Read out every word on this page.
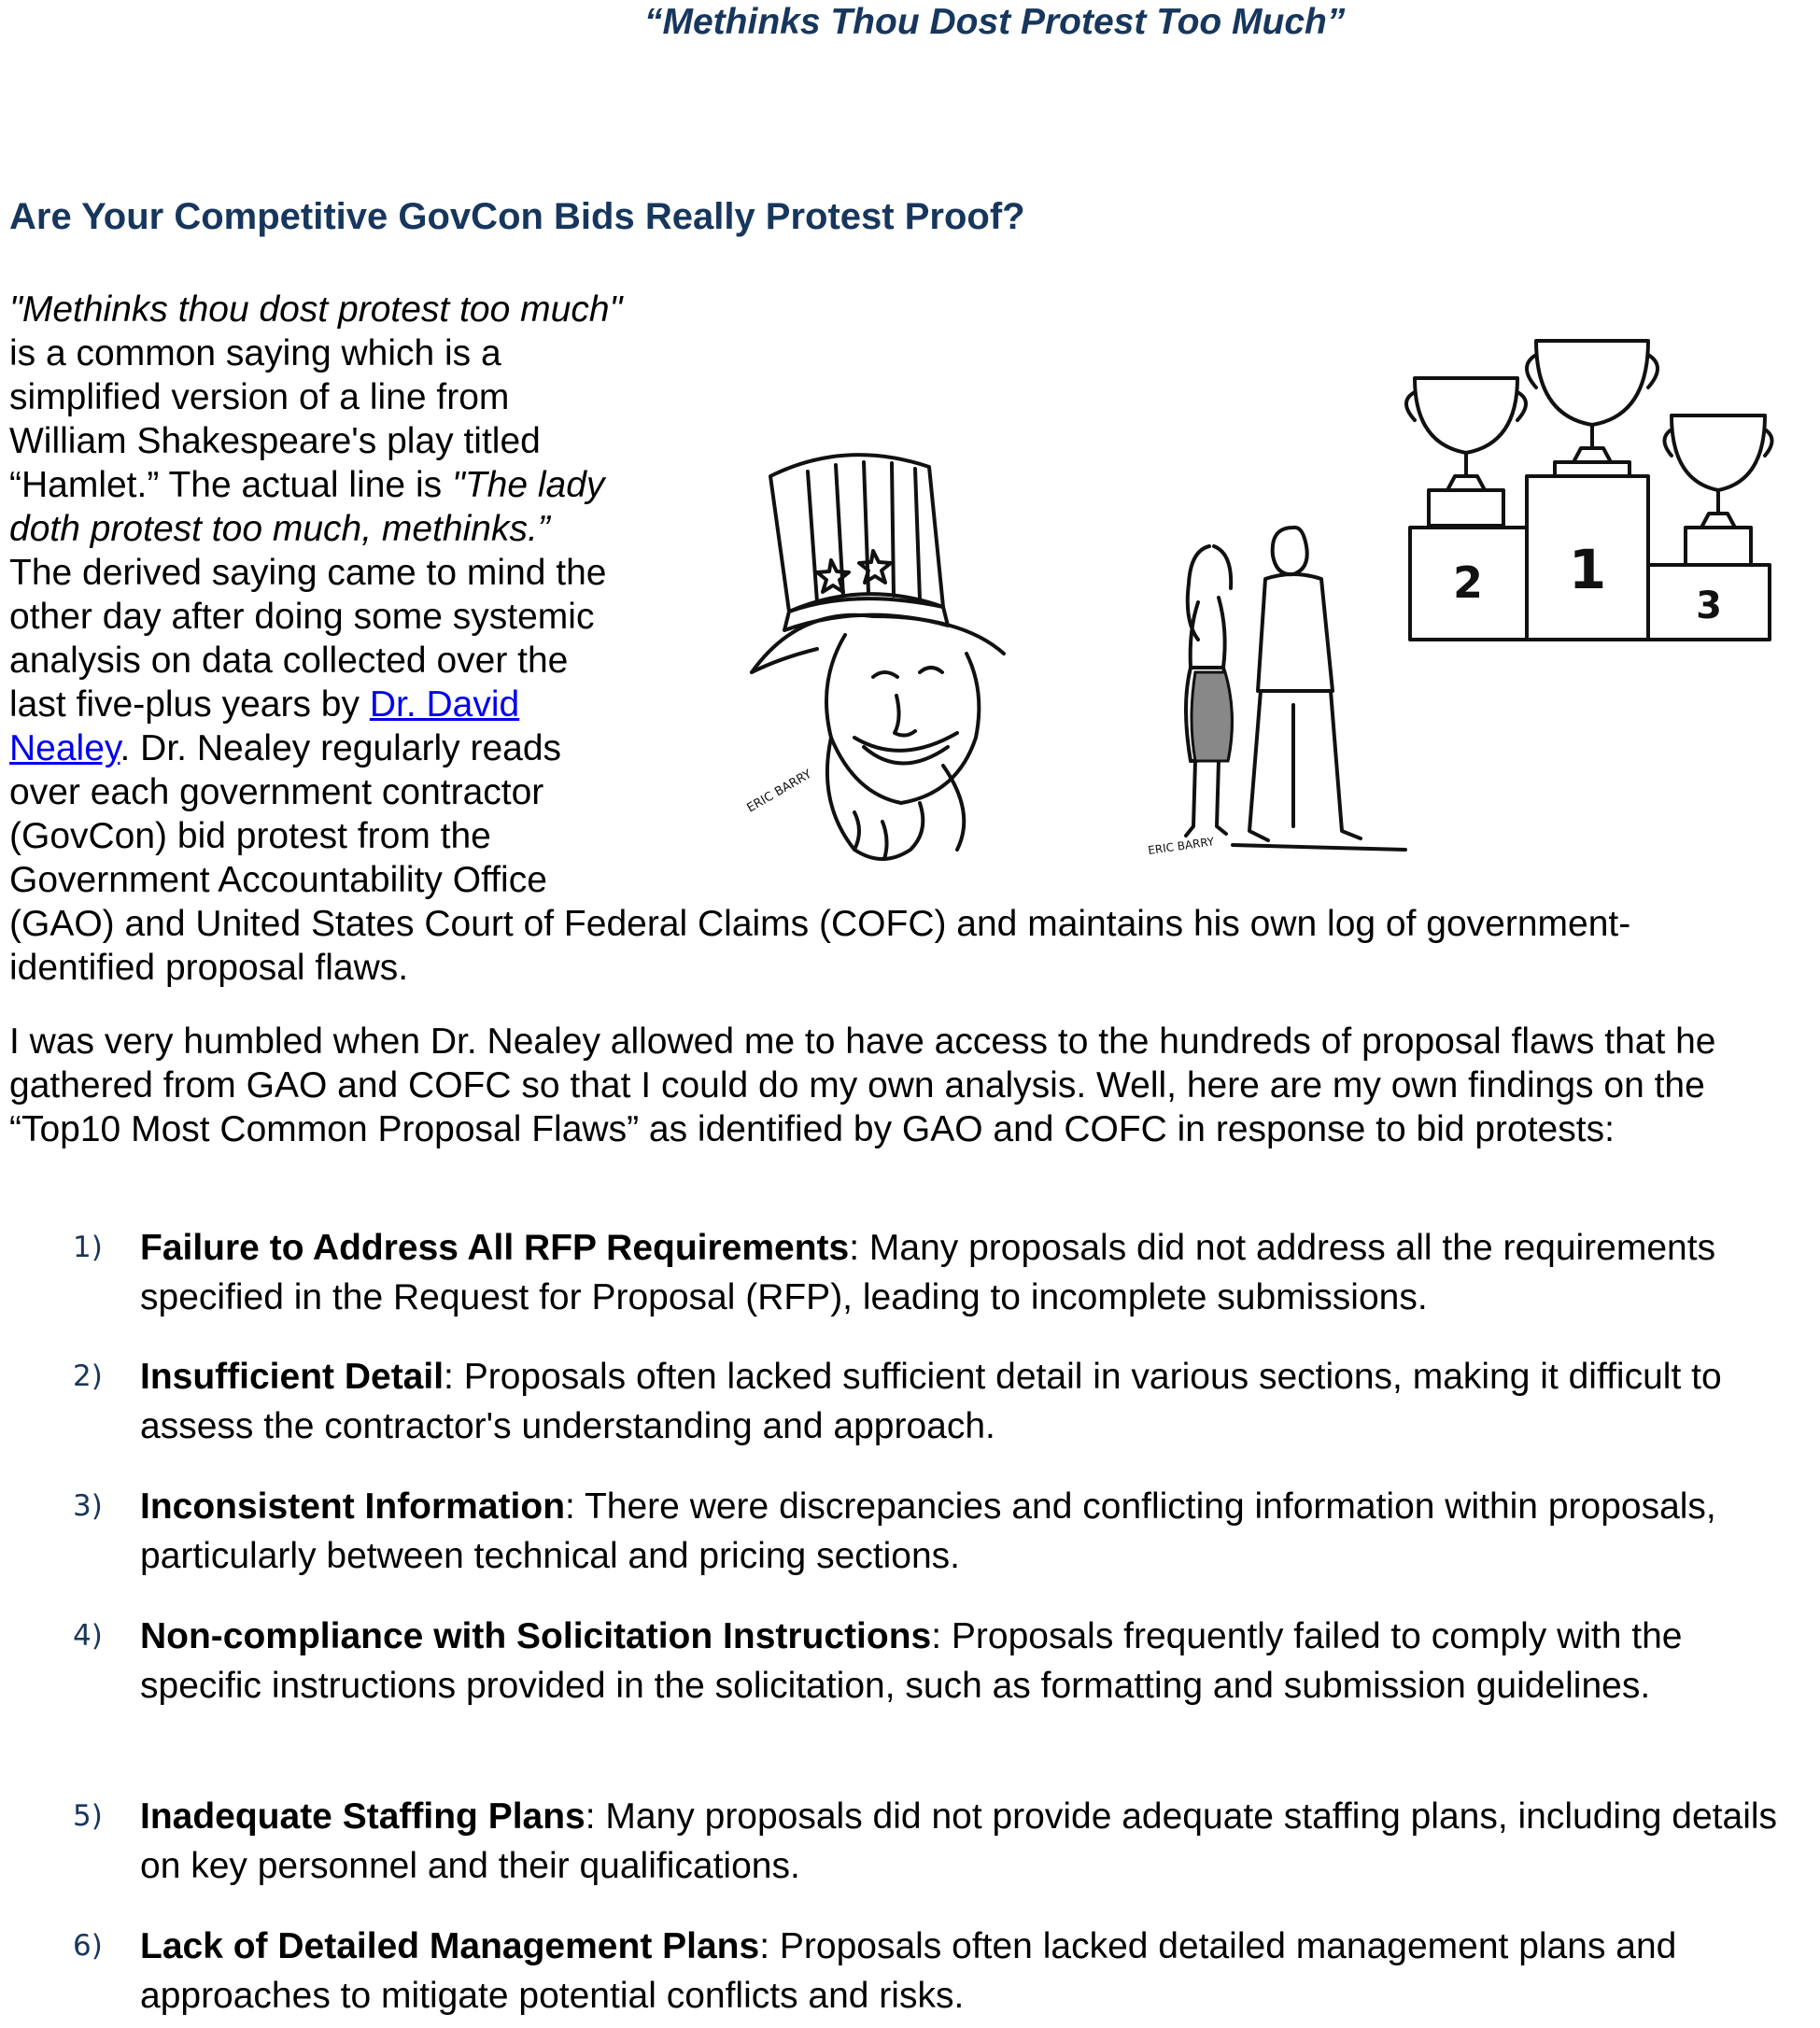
“Methinks Thou Dost Protest Too Much”
Are Your Competitive GovCon Bids Really Protest Proof?
"Methinks thou dost protest too much"
is a common saying which is a
simplified version of a line from
William Shakespeare's play titled
“Hamlet.” The actual line is "The lady
doth protest too much, methinks.”
The derived saying came to mind the
other day after doing some systemic
analysis on data collected over the
last five-plus years by Dr. David
Nealey. Dr. Nealey regularly reads
over each government contractor
(GovCon) bid protest from the
Government Accountability Office
(GAO) and United States Court of Federal Claims (COFC) and maintains his own log of government-
identified proposal flaws.
ERIC BARRY
ERIC BARRY
2 1
3

I was very humbled when Dr. Nealey allowed me to have access to the hundreds of proposal flaws that he gathered from GAO and COFC so that I could do my own analysis. Well, here are my own findings on the “Top10 Most Common Proposal Flaws” as identified by GAO and COFC in response to bid protests:

1) Failure to Address All RFP Requirements: Many proposals did not address all the requirements specified in the Request for Proposal (RFP), leading to incomplete submissions.
2) Insufficient Detail: Proposals often lacked sufficient detail in various sections, making it difficult to assess the contractor's understanding and approach.
3) Inconsistent Information: There were discrepancies and conflicting information within proposals, particularly between technical and pricing sections.
4) Non-compliance with Solicitation Instructions: Proposals frequently failed to comply with the specific instructions provided in the solicitation, such as formatting and submission guidelines.
5) Inadequate Staffing Plans: Many proposals did not provide adequate staffing plans, including details on key personnel and their qualifications.
6) Lack of Detailed Management Plans: Proposals often lacked detailed management plans and approaches to mitigate potential conflicts and risks.
